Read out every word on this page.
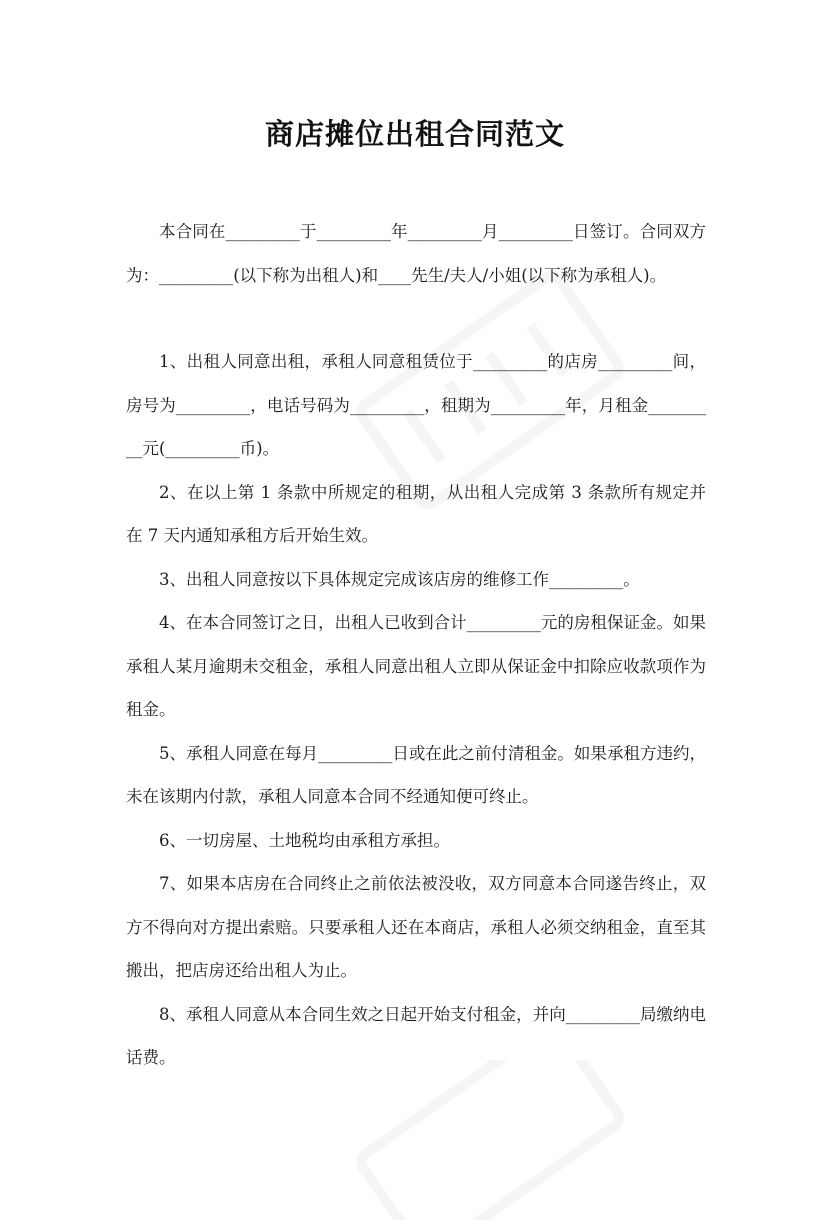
商店摊位出租合同范文

本合同在_________于_________年_________月_________日签订。合同双方为：_________(以下称为出租人)和____先生/夫人/小姐(以下称为承租人)。

1、出租人同意出租，承租人同意租赁位于_________的店房_________间，房号为_________，电话号码为_________，租期为_________年，月租金_________元(_________币)。

2、在以上第 1 条款中所规定的租期，从出租人完成第 3 条款所有规定并在 7 天内通知承租方后开始生效。

3、出租人同意按以下具体规定完成该店房的维修工作_________。

4、在本合同签订之日，出租人已收到合计_________元的房租保证金。如果承租人某月逾期未交租金，承租人同意出租人立即从保证金中扣除应收款项作为租金。

5、承租人同意在每月_________日或在此之前付清租金。如果承租方违约，未在该期内付款，承租人同意本合同不经通知便可终止。

6、一切房屋、土地税均由承租方承担。

7、如果本店房在合同终止之前依法被没收，双方同意本合同遂告终止，双方不得向对方提出索赔。只要承租人还在本商店，承租人必须交纳租金，直至其搬出，把店房还给出租人为止。

8、承租人同意从本合同生效之日起开始支付租金，并向_________局缴纳电话费。
